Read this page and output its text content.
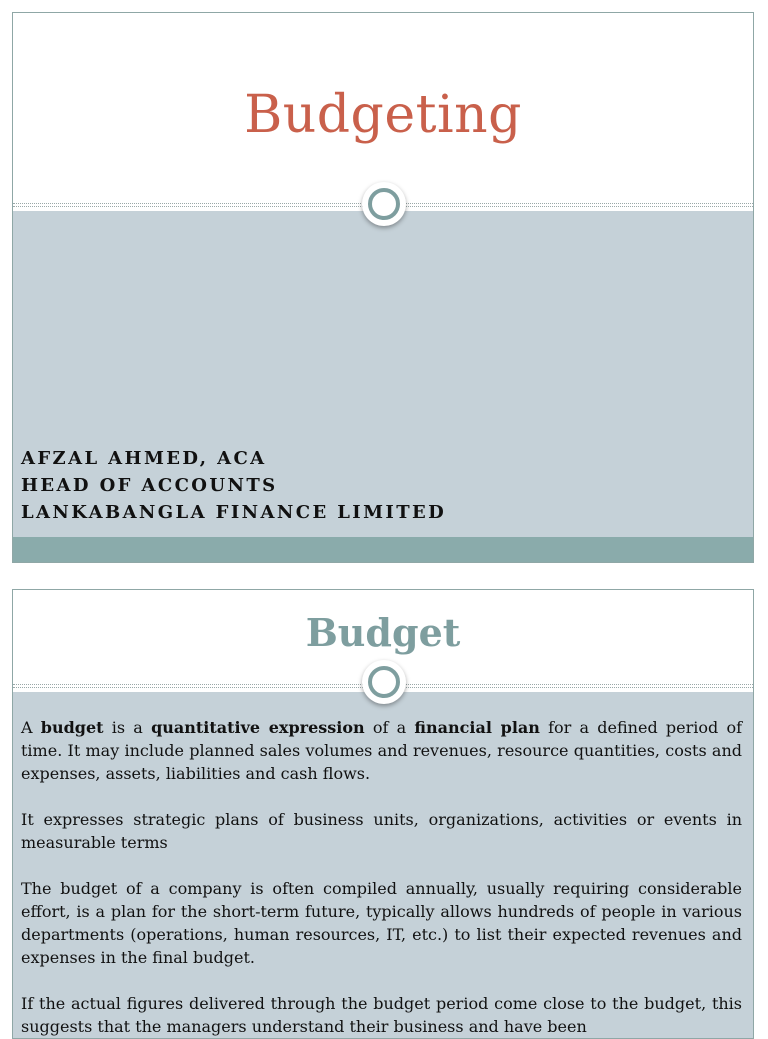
Budgeting
AFZAL AHMED, ACA
HEAD OF ACCOUNTS
LANKABANGLA FINANCE LIMITED
Budget

A budget is a quantitative expression of a financial plan for a defined period of time. It may include planned sales volumes and revenues, resource quantities, costs and expenses, assets, liabilities and cash flows.

It expresses strategic plans of business units, organizations, activities or events in measurable terms

The budget of a company is often compiled annually, usually requiring considerable effort, is a plan for the short-term future, typically allows hundreds of people in various departments (operations, human resources, IT, etc.) to list their expected revenues and expenses in the final budget.

If the actual figures delivered through the budget period come close to the budget, this suggests that the managers understand their business and have been
